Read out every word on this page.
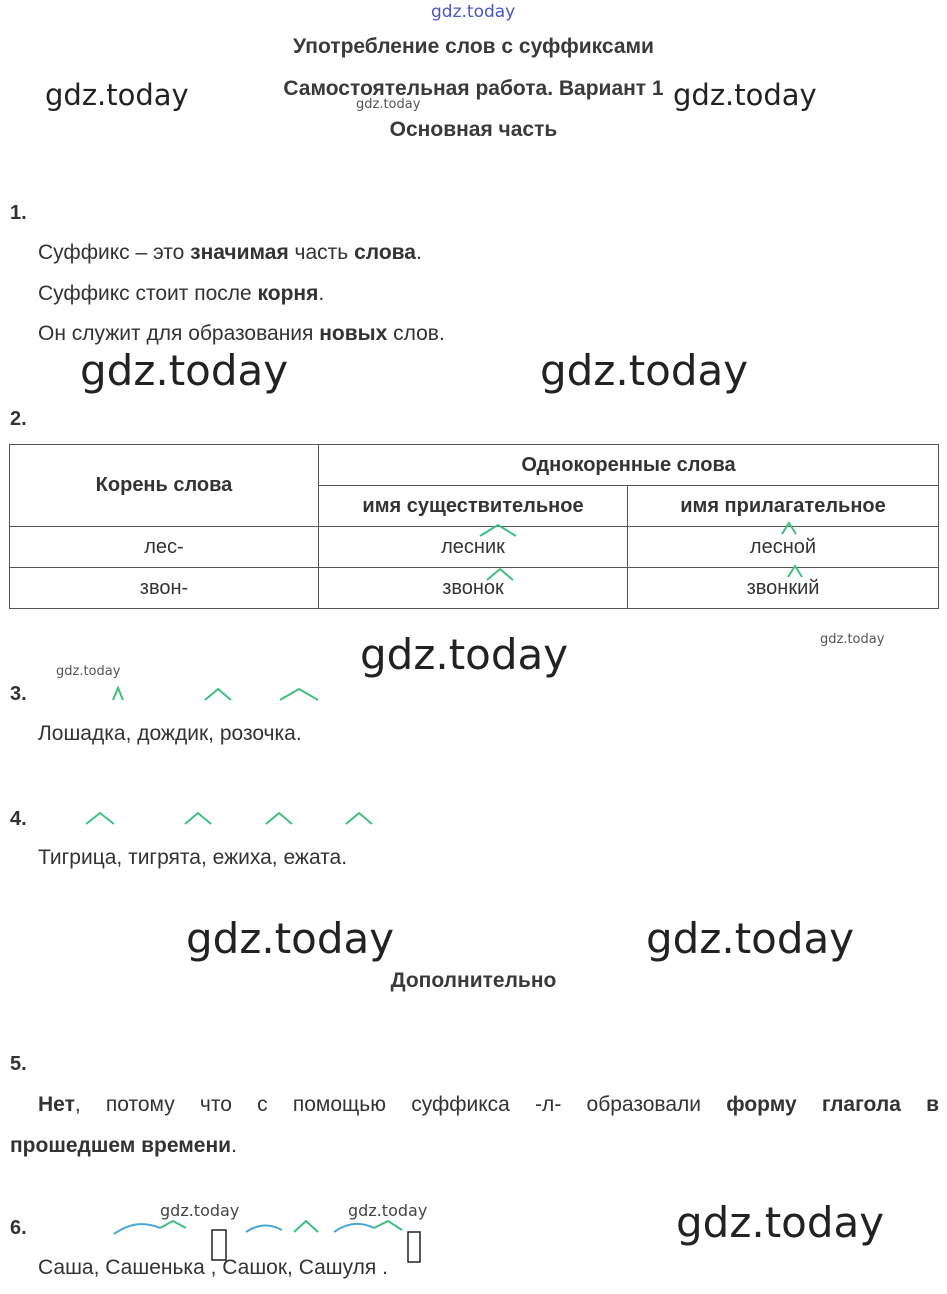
gdz.today
gdz.today	gdz.today
gdz.today
Употребление слов с суффиксами
Самостоятельная работа. Вариант 1
Основная часть
1.
Суффикс – это значимая часть слова.
Суффикс стоит после корня.
Он служит для образования новых слов.
gdz.today	gdz.today
2.
Корень слова	Однокоренные слова	
	имя существительное	имя прилагательное
лес-	лесник	лесной
звон-	звонок	звонкий
gdz.today
gdz.today
gdz.today
3.
Лошадка, дождик, розочка.
4.
Тигрица, тигрята, ежиха, ежата.
gdz.today	gdz.today
Дополнительно
5.
Нет, потому что с помощью суффикса -л- образовали форму глагола в
прошедшем времени.
gdz.today	gdz.today	gdz.today
6.
Саша, Сашенька , Сашок, Сашуля .
